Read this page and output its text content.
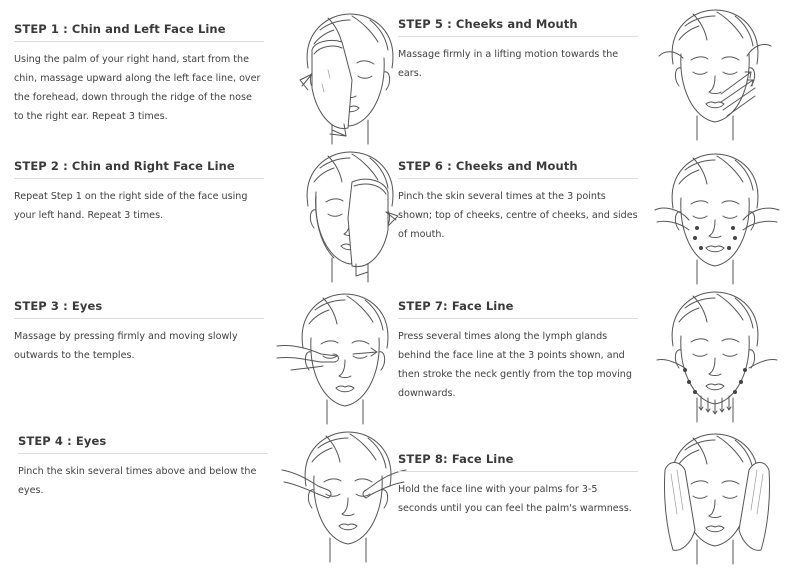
STEP 1 : Chin and Left Face Line
Using the palm of your right hand, start from the chin, massage upward along the left face line, over the forehead, down through the ridge of the nose to the right ear. Repeat 3 times.
STEP 2 : Chin and Right Face Line
Repeat Step 1 on the right side of the face using your left hand. Repeat 3 times.
STEP 3 : Eyes
Massage by pressing firmly and moving slowly outwards to the temples.
STEP 4 : Eyes
Pinch the skin several times above and below the eyes.
STEP 5 : Cheeks and Mouth
Massage firmly in a lifting motion towards the ears.
STEP 6 : Cheeks and Mouth
Pinch the skin several times at the 3 points shown; top of cheeks, centre of cheeks, and sides of mouth.
STEP 7: Face Line
Press several times along the lymph glands behind the face line at the 3 points shown, and then stroke the neck gently from the top moving downwards.
STEP 8: Face Line
Hold the face line with your palms for 3-5 seconds until you can feel the palm's warmness.
